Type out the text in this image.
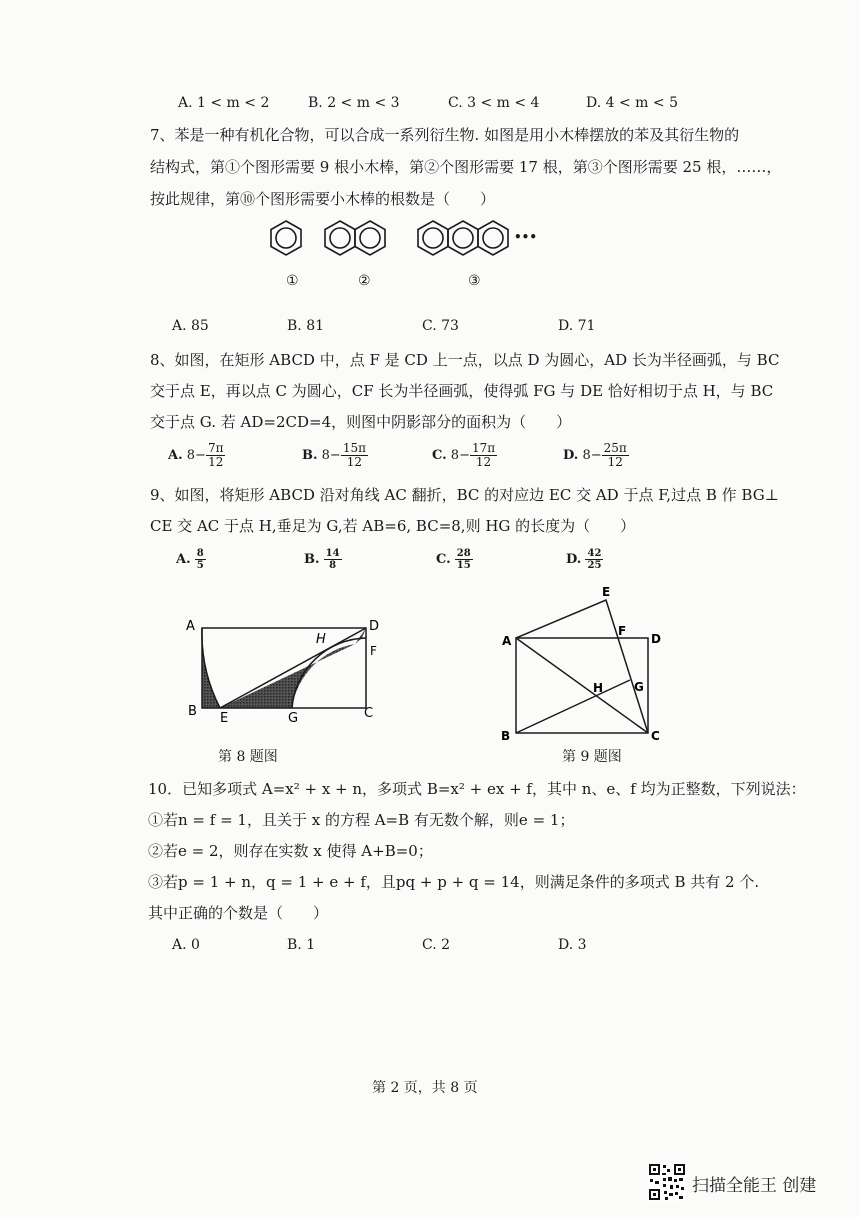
A. 1 < m < 2	B. 2 < m < 3	C. 3 < m < 4	D. 4 < m < 5
7、苯是一种有机化合物，可以合成一系列衍生物. 如图是用小木棒摆放的苯及其衍生物的
结构式，第①个图形需要 9 根小木棒，第②个图形需要 17 根，第③个图形需要 25 根，……，
按此规律，第⑩个图形需要小木棒的根数是（　　）
•••
①	②	③
A. 85	B. 81	C. 73	D. 71
8、如图，在矩形 ABCD 中，点 F 是 CD 上一点，以点 D 为圆心，AD 长为半径画弧，与 BC
交于点 E，再以点 C 为圆心，CF 长为半径画弧，使得弧 FG 与 DE 恰好相切于点 H，与 BC
交于点 G. 若 AD=2CD=4，则图中阴影部分的面积为（　　）
A. $8- \frac{7\pi}{12}$	B. $8- \frac{15\pi}{12}$	C. $8- \frac{17\pi}{12}$	D. $8- \frac{25\pi}{12}$
9、如图，将矩形 ABCD 沿对角线 AC 翻折，BC 的对应边 EC 交 AD 于点 F,过点 B 作 BG⊥
CE 交 AC 于点 H,垂足为 G,若 AB=6, BC=8,则 HG 的长度为（　　）
A. $\frac{8}{5}$	B. $\frac{14}{8}$	C. $\frac{28}{15}$	D. $\frac{42}{25}$
A	D
F
H
B E	G	C
A
E
F
D
G
H
B	C
第 8 题图	第 9 题图
10．已知多项式 A=x² + x + n，多项式 B=x² + ex + f，其中 n、e、f 均为正整数，下列说法：
①若n = f = 1，且关于 x 的方程 A=B 有无数个解，则e = 1；
②若e = 2，则存在实数 x 使得 A+B=0；
③若p = 1 + n，q = 1 + e + f，且pq + p + q = 14，则满足条件的多项式 B 共有 2 个.
其中正确的个数是（　　）
A. 0	B. 1	C. 2	D. 3
第 2 页，共 8 页
扫描全能王 创建
